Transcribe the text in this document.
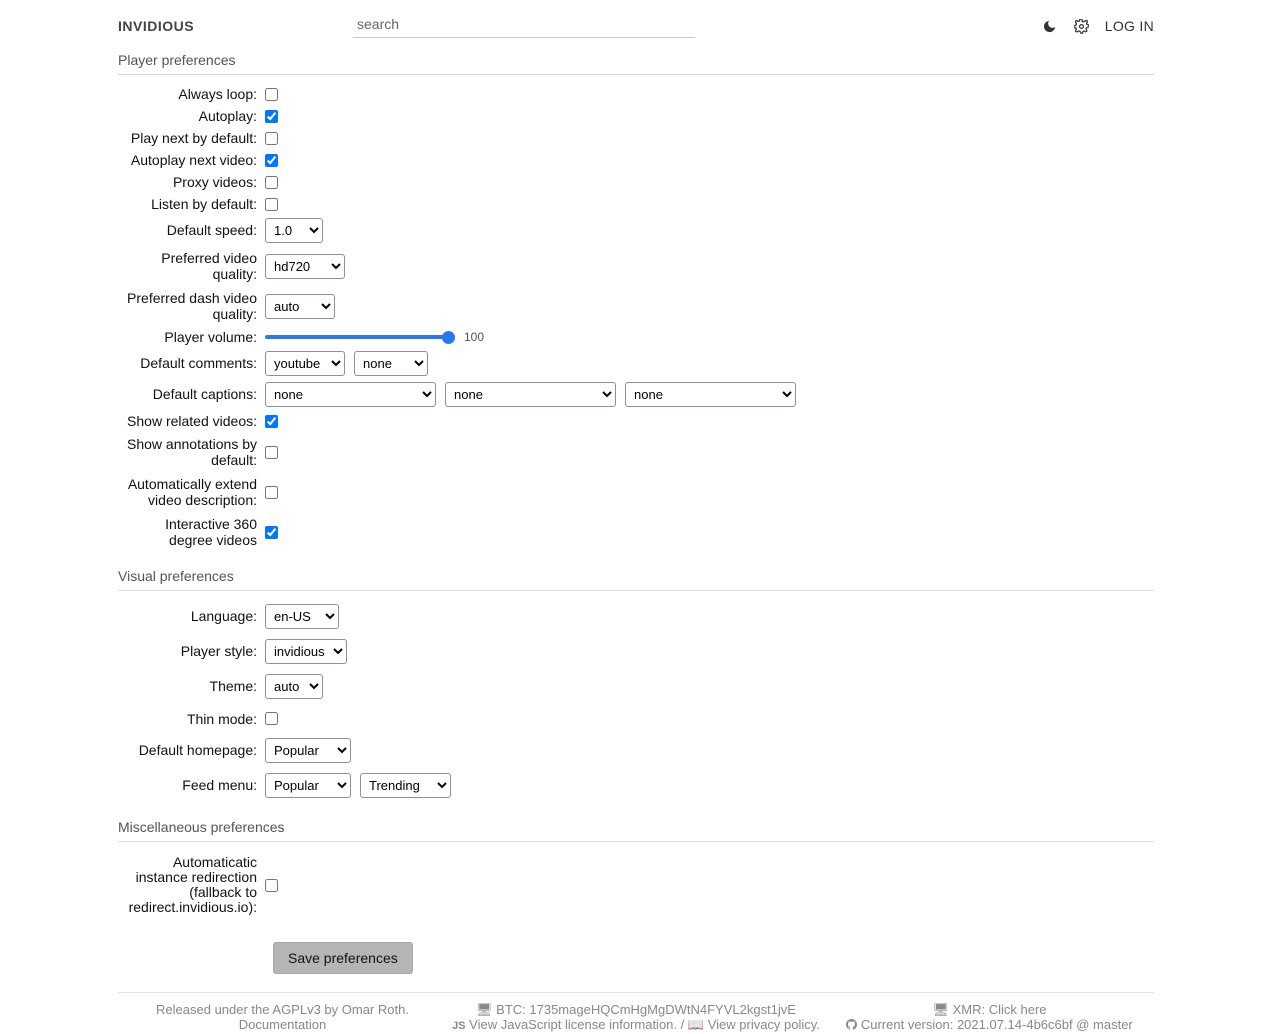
INVIDIOUS
search	LOG IN
Player preferences
Always loop:
Autoplay:
Play next by default:
Autoplay next video:
Proxy videos:
Listen by default:
Default speed:
1.0
Preferred video quality:
hd720
Preferred dash video quality:
auto
Player volume:	100
Default comments:
youtube
none
Default captions:
none
none
none
Show related videos:
Show annotations by default:
Automatically extend video description:
Interactive 360 degree videos
Visual preferences
Language:
en-US
Player style:
invidious
Theme:
auto
Thin mode:
Default homepage:
Popular
Feed menu:
Popular
Trending
Miscellaneous preferences
Automaticatic instance redirection (fallback to redirect.invidious.io):
Save preferences
Released under the AGPLv3 by Omar Roth.
Documentation
🖥 BTC: 1735mageHQCmHgMgDWtN4FYVL2kgst1jvE
JS View JavaScript license information. / 📖 View privacy policy.
🖥 XMR: Click here
Current version: 2021.07.14-4b6c6bf @ master
